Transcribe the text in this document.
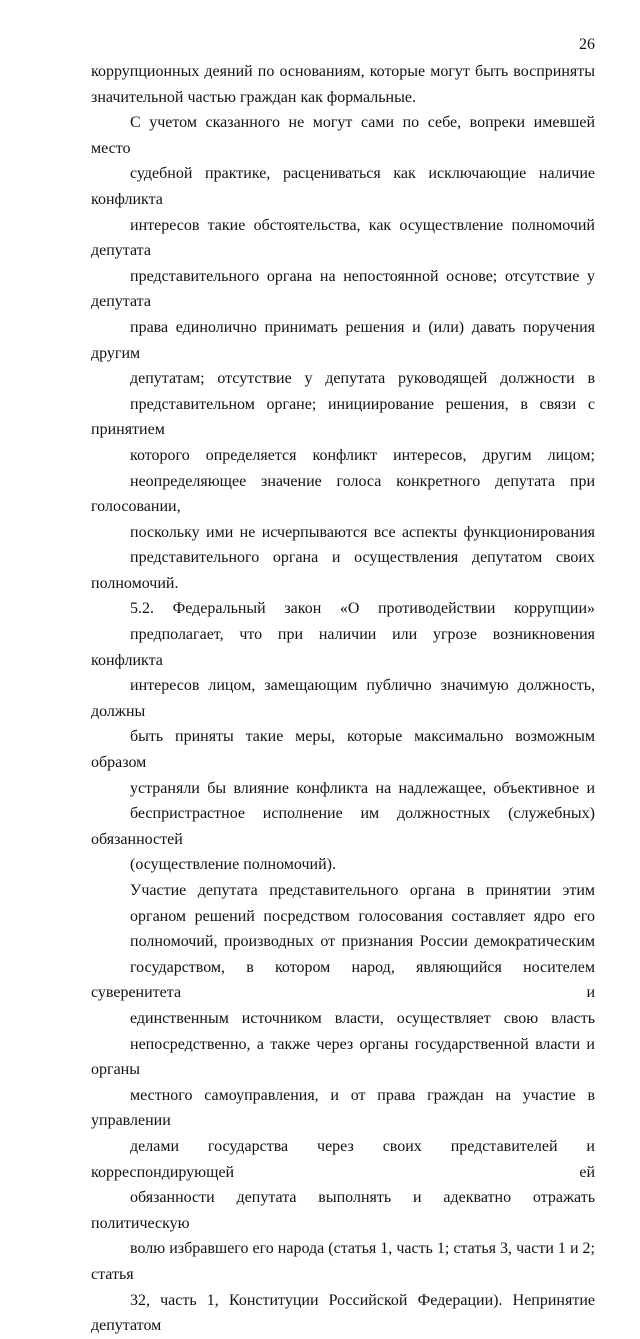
26
коррупционных деяний по основаниям, которые могут быть восприняты
значительной частью граждан как формальные.
С учетом сказанного не могут сами по себе, вопреки имевшей место
судебной практике, расцениваться как исключающие наличие конфликта
интересов такие обстоятельства, как осуществление полномочий депутата
представительного органа на непостоянной основе; отсутствие у депутата
права единолично принимать решения и (или) давать поручения другим
депутатам; отсутствие у депутата руководящей должности в
представительном органе; инициирование решения, в связи с принятием
которого определяется конфликт интересов, другим лицом;
неопределяющее значение голоса конкретного депутата при голосовании,
поскольку ими не исчерпываются все аспекты функционирования
представительного органа и осуществления депутатом своих полномочий.
5.2. Федеральный закон «О противодействии коррупции»
предполагает, что при наличии или угрозе возникновения конфликта
интересов лицом, замещающим публично значимую должность, должны
быть приняты такие меры, которые максимально возможным образом
устраняли бы влияние конфликта на надлежащее, объективное и
беспристрастное исполнение им должностных (служебных) обязанностей
(осуществление полномочий).
Участие депутата представительного органа в принятии этим
органом решений посредством голосования составляет ядро его
полномочий, производных от признания России демократическим
государством, в котором народ, являющийся носителем суверенитета и
единственным источником власти, осуществляет свою власть
непосредственно, а также через органы государственной власти и органы
местного самоуправления, и от права граждан на участие в управлении
делами государства через своих представителей и корреспондирующей ей
обязанности депутата выполнять и адекватно отражать политическую
волю избравшего его народа (статья 1, часть 1; статья 3, части 1 и 2; статья
32, часть 1, Конституции Российской Федерации). Непринятие депутатом
